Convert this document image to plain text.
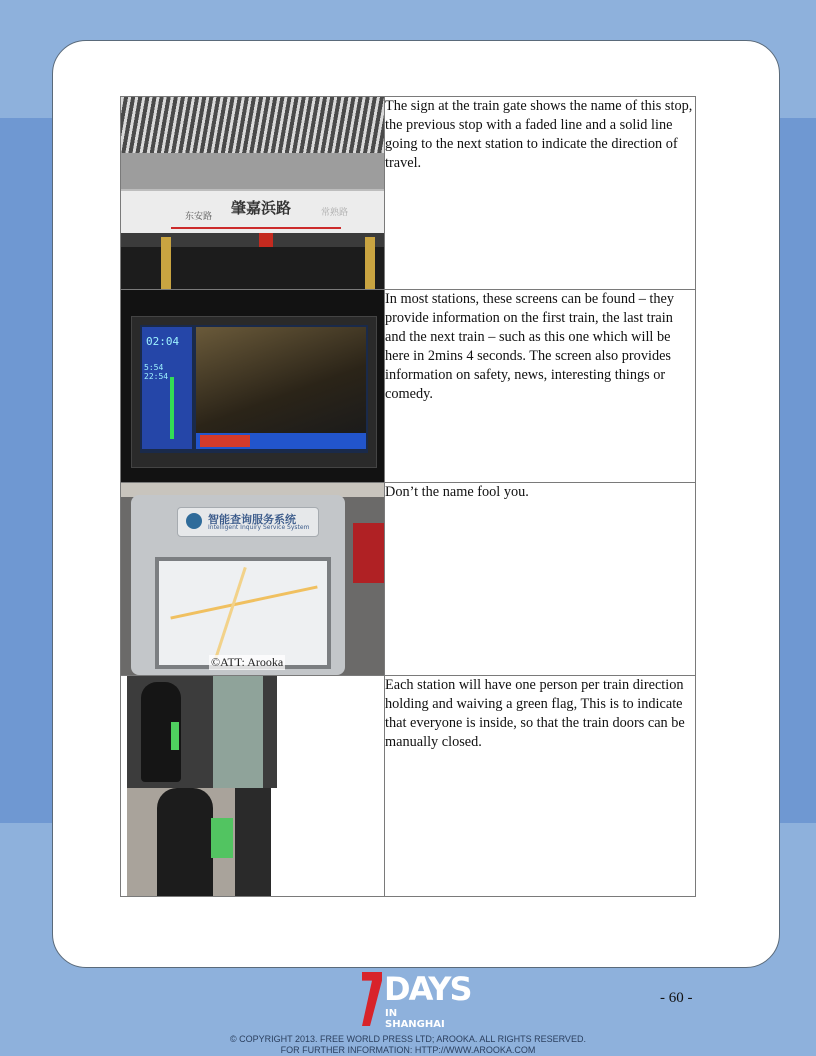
东安路 肇嘉浜路 常熟路	The sign at the train gate shows the name of this stop, the previous stop with a faded line and a solid line going to the next station to indicate the direction of travel.

02:04
5:54 22:54	In most stations, these screens can be found – they provide information on the first train, the last train and the next train – such as this one which will be here in 2mins 4 seconds. The screen also provides information on safety, news, interesting things or comedy.

智能查询服务系统
Intelligent Inquiry Service System
©ATT: Arooka	Don’t the name fool you.

	Each station will have one person per train direction holding and waiving a green flag, This is to indicate that everyone is inside, so that the train doors can be manually closed.
DAYS
IN SHANGHAI
- 60 -
© COPYRIGHT 2013. FREE WORLD PRESS LTD; AROOKA. ALL RIGHTS RESERVED.
FOR FURTHER INFORMATION: HTTP://WWW.AROOKA.COM
